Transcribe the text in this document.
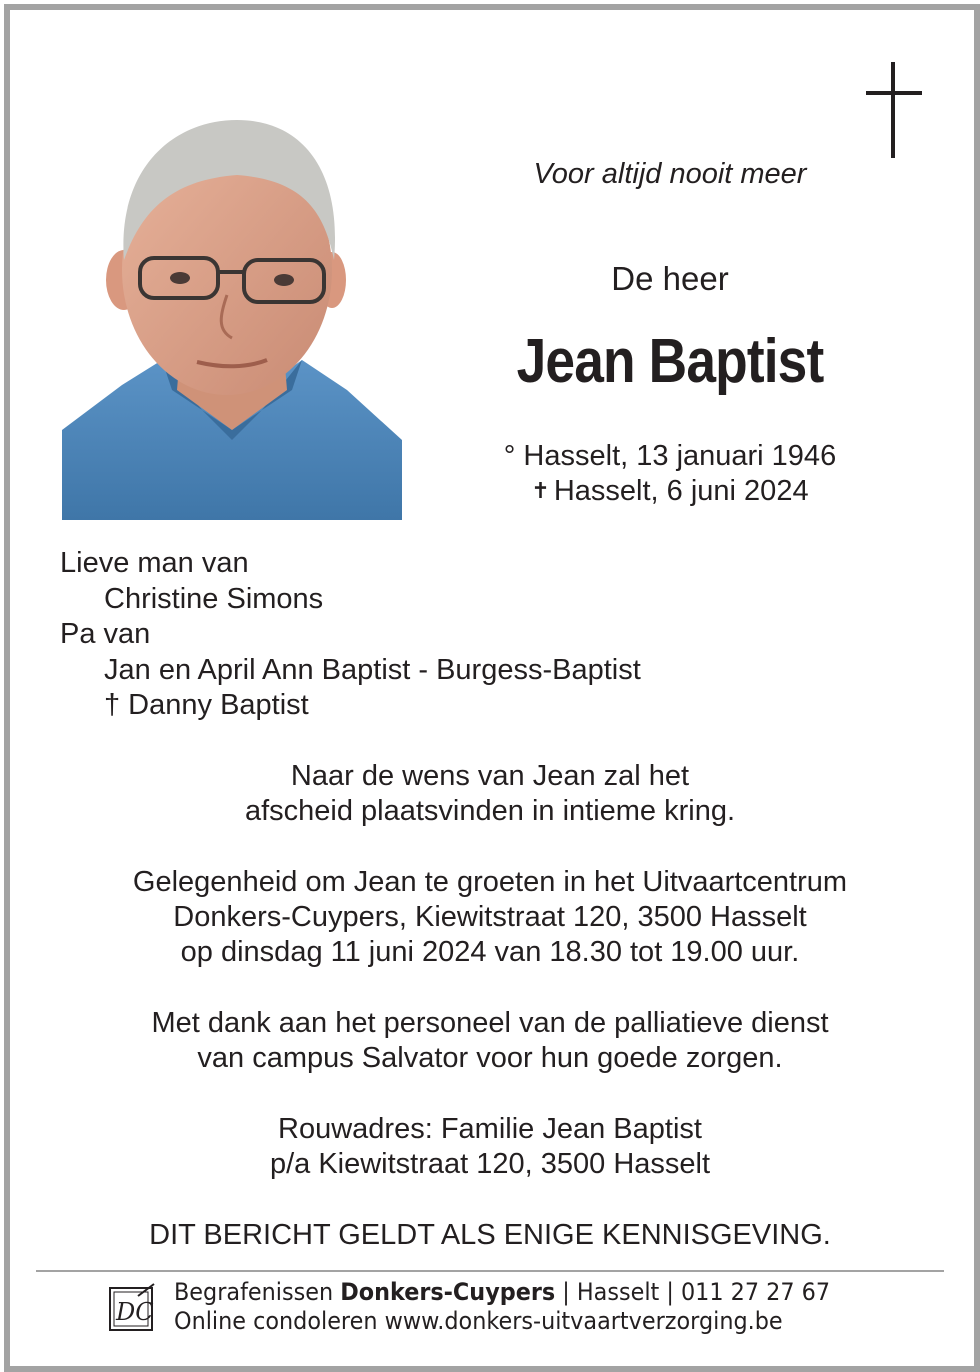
Voor altijd nooit meer
De heer
Jean Baptist
° Hasselt, 13 januari 1946
✝ Hasselt, 6 juni 2024
Lieve man van
Christine Simons
Pa van
Jan en April Ann Baptist - Burgess-Baptist
† Danny Baptist
Naar de wens van Jean zal het
afscheid plaatsvinden in intieme kring.
Gelegenheid om Jean te groeten in het Uitvaartcentrum
Donkers-Cuypers, Kiewitstraat 120, 3500 Hasselt
op dinsdag 11 juni 2024 van 18.30 tot 19.00 uur.
Met dank aan het personeel van de palliatieve dienst
van campus Salvator voor hun goede zorgen.
Rouwadres: Familie Jean Baptist
p/a Kiewitstraat 120, 3500 Hasselt
DIT BERICHT GELDT ALS ENIGE KENNISGEVING.
DC
Begrafenissen Donkers-Cuypers | Hasselt | 011 27 27 67
Online condoleren www.donkers-uitvaartverzorging.be
